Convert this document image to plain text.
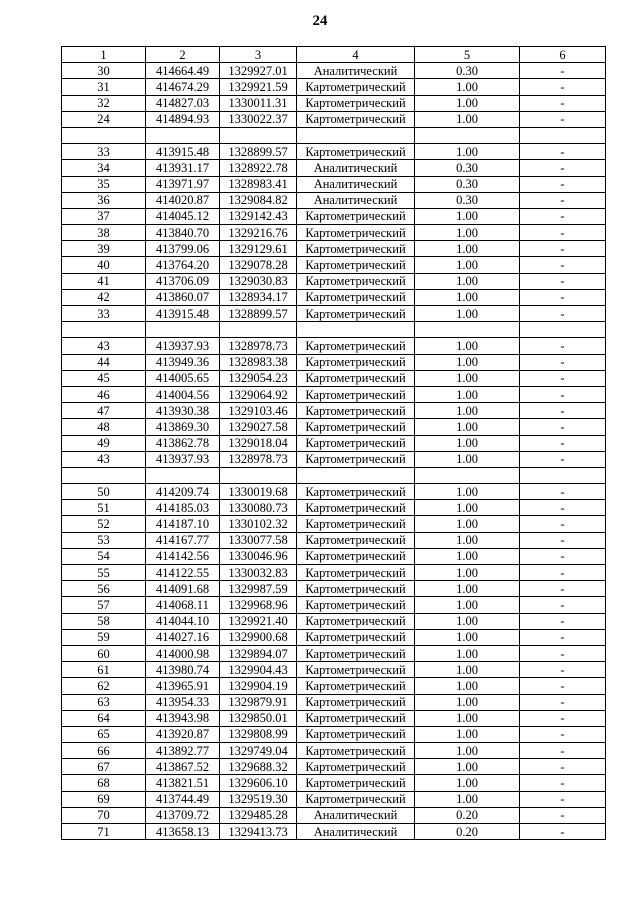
24
1	2	3	4	5	6
30	414664.49	1329927.01	Аналитический	0.30	-
31	414674.29	1329921.59	Картометрический	1.00	-
32	414827.03	1330011.31	Картометрический	1.00	-
24	414894.93	1330022.37	Картометрический	1.00	-

33	413915.48	1328899.57	Картометрический	1.00	-
34	413931.17	1328922.78	Аналитический	0.30	-
35	413971.97	1328983.41	Аналитический	0.30	-
36	414020.87	1329084.82	Аналитический	0.30	-
37	414045.12	1329142.43	Картометрический	1.00	-
38	413840.70	1329216.76	Картометрический	1.00	-
39	413799.06	1329129.61	Картометрический	1.00	-
40	413764.20	1329078.28	Картометрический	1.00	-
41	413706.09	1329030.83	Картометрический	1.00	-
42	413860.07	1328934.17	Картометрический	1.00	-
33	413915.48	1328899.57	Картометрический	1.00	-

43	413937.93	1328978.73	Картометрический	1.00	-
44	413949.36	1328983.38	Картометрический	1.00	-
45	414005.65	1329054.23	Картометрический	1.00	-
46	414004.56	1329064.92	Картометрический	1.00	-
47	413930.38	1329103.46	Картометрический	1.00	-
48	413869.30	1329027.58	Картометрический	1.00	-
49	413862.78	1329018.04	Картометрический	1.00	-
43	413937.93	1328978.73	Картометрический	1.00	-

50	414209.74	1330019.68	Картометрический	1.00	-
51	414185.03	1330080.73	Картометрический	1.00	-
52	414187.10	1330102.32	Картометрический	1.00	-
53	414167.77	1330077.58	Картометрический	1.00	-
54	414142.56	1330046.96	Картометрический	1.00	-
55	414122.55	1330032.83	Картометрический	1.00	-
56	414091.68	1329987.59	Картометрический	1.00	-
57	414068.11	1329968.96	Картометрический	1.00	-
58	414044.10	1329921.40	Картометрический	1.00	-
59	414027.16	1329900.68	Картометрический	1.00	-
60	414000.98	1329894.07	Картометрический	1.00	-
61	413980.74	1329904.43	Картометрический	1.00	-
62	413965.91	1329904.19	Картометрический	1.00	-
63	413954.33	1329879.91	Картометрический	1.00	-
64	413943.98	1329850.01	Картометрический	1.00	-
65	413920.87	1329808.99	Картометрический	1.00	-
66	413892.77	1329749.04	Картометрический	1.00	-
67	413867.52	1329688.32	Картометрический	1.00	-
68	413821.51	1329606.10	Картометрический	1.00	-
69	413744.49	1329519.30	Картометрический	1.00	-
70	413709.72	1329485.28	Аналитический	0.20	-
71	413658.13	1329413.73	Аналитический	0.20	-
